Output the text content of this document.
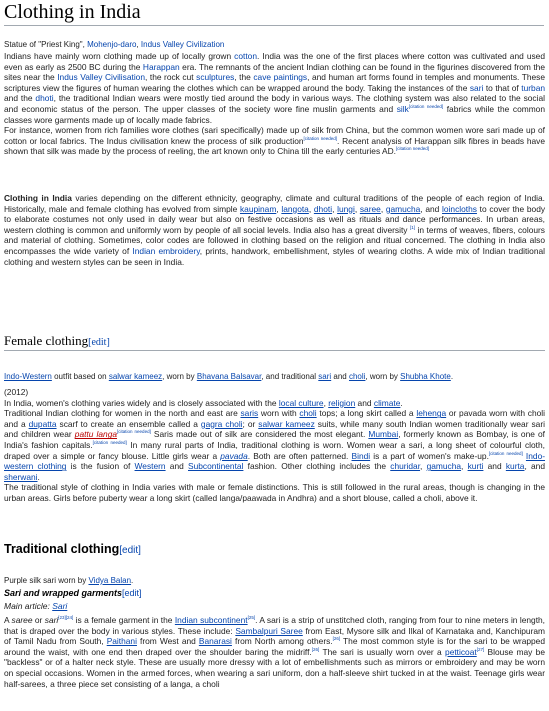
Clothing in India
Statue of "Priest King", Mohenjo-daro, Indus Valley Civilization

Indians have mainly worn clothing made up of locally grown cotton. India was the one of the first places where cotton was cultivated and used even as early as 2500 BC during the Harappan era. The remnants of the ancient Indian clothing can be found in the figurines discovered from the sites near the Indus Valley Civilisation, the rock cut sculptures, the cave paintings, and human art forms found in temples and monuments. These scriptures view the figures of human wearing the clothes which can be wrapped around the body. Taking the instances of the sari to that of turban and the dhoti, the traditional Indian wears were mostly tied around the body in various ways. The clothing system was also related to the social and economic status of the person. The upper classes of the society wore fine muslin garments and silk[citation needed] fabrics while the common classes wore garments made up of locally made fabrics.

For instance, women from rich families wore clothes (sari specifically) made up of silk from China, but the common women wore sari made up of cotton or local fabrics. The Indus civilisation knew the process of silk production[citation needed]. Recent analysis of Harappan silk fibres in beads have shown that silk was made by the process of reeling, the art known only to China till the early centuries AD.[citation needed]

Clothing in India varies depending on the different ethnicity, geography, climate and cultural traditions of the people of each region of India. Historically, male and female clothing has evolved from simple kaupinam, langota, dhoti, lungi, saree, gamucha, and loincloths to cover the body to elaborate costumes not only used in daily wear but also on festive occasions as well as rituals and dance performances. In urban areas, western clothing is common and uniformly worn by people of all social levels. India also has a great diversity [1] in terms of weaves, fibers, colours and material of clothing. Sometimes, color codes are followed in clothing based on the religion and ritual concerned. The clothing in India also encompasses the wide variety of Indian embroidery, prints, handwork, embellishment, styles of wearing cloths. A wide mix of Indian traditional clothing and western styles can be seen in India.

Female clothing[edit]
Indo-Western outfit based on salwar kameez, worn by Bhavana Balsavar, and traditional sari and choli, worn by Shubha Khote.

(2012)

In India, women's clothing varies widely and is closely associated with the local culture, religion and climate.

Traditional Indian clothing for women in the north and east are saris worn with choli tops; a long skirt called a lehenga or pavada worn with choli and a dupatta scarf to create an ensemble called a gagra choli; or salwar kameez suits, while many south Indian women traditionally wear sari and children wear pattu langa[citation needed] Saris made out of silk are considered the most elegant. Mumbai, formerly known as Bombay, is one of India's fashion capitals.[citation needed] In many rural parts of India, traditional clothing is worn. Women wear a sari, a long sheet of colourful cloth, draped over a simple or fancy blouse. Little girls wear a pavada. Both are often patterned. Bindi is a part of women's make-up.[citation needed] Indo-western clothing is the fusion of Western and Subcontinental fashion. Other clothing includes the churidar, gamucha, kurti and kurta, and sherwani.

The traditional style of clothing in India varies with male or female distinctions. This is still followed in the rural areas, though is changing in the urban areas. Girls before puberty wear a long skirt (called langa/paawada in Andhra) and a short blouse, called a choli, above it.

Traditional clothing[edit]
Purple silk sari worn by Vidya Balan.
Sari and wrapped garments[edit]
Main article: Sari

A saree or sari[23][24] is a female garment in the Indian subcontinent[25]. A sari is a strip of unstitched cloth, ranging from four to nine meters in length, that is draped over the body in various styles. These include: Sambalpuri Saree from East, Mysore silk and Ilkal of Karnataka and, Kanchipuram of Tamil Nadu from South, Paithani from West and Banarasi from North among others.[26] The most common style is for the sari to be wrapped around the waist, with one end then draped over the shoulder baring the midriff.[26] The sari is usually worn over a petticoat[27] Blouse may be "backless" or of a halter neck style. These are usually more dressy with a lot of embellishments such as mirrors or embroidery and may be worn on special occasions. Women in the armed forces, when wearing a sari uniform, don a half-sleeve shirt tucked in at the waist. Teenage girls wear half-sarees, a three piece set consisting of a langa, a choli
